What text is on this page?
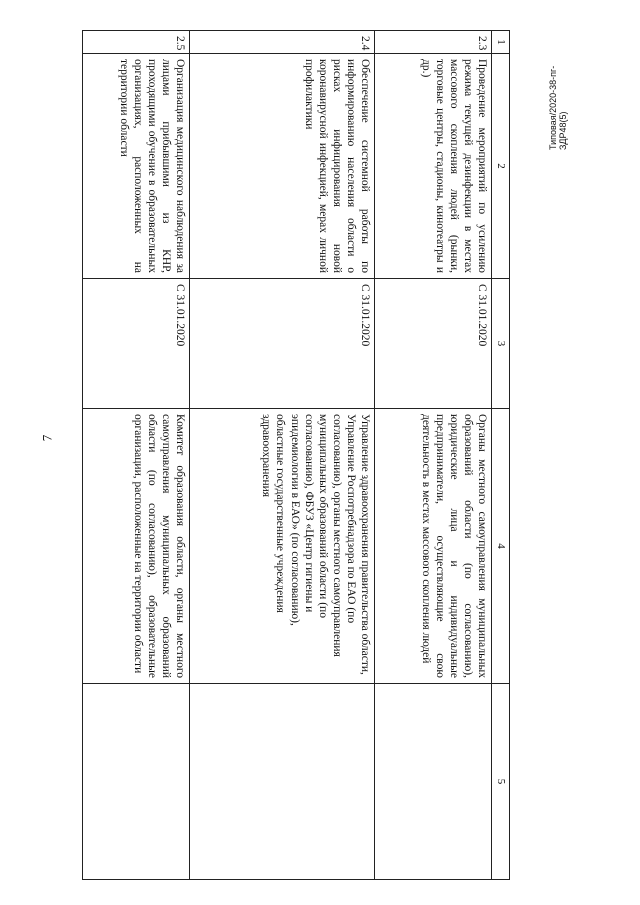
7
Типовая/2020-38-пг-ЗДР48(5)
1	2	3	4	5
2.3	Проведение мероприятий по усилению режима текущей дезинфекции в местах массового скопления людей (рынки, торговые центры, стадионы, кинотеатры и др.)	С 31.01.2020	Органы местного самоуправления муниципальных образований области (по согласованию), юридические лица и индивидуальные предприниматели, осуществляющие свою деятельность в местах массового скопления людей	
2.4	Обеспечение системной работы по информированию населения области о рисках инфицирования новой коронавирусной инфекцией, мерах личной профилактики	С 31.01.2020	Управление здравоохранения правительства области, Управление Роспотребнадзора по ЕАО (по согласованию), органы местного самоуправления муниципальных образований области (по согласованию), ФБУЗ «Центр гигиены и эпидемиологии в ЕАО» (по согласованию), областные государственные учреждения здравоохранения	
2.5	Организация медицинского наблюдения за лицами прибывшими из КНР, проходящими обучение в образовательных организациях, расположенных на территории области	С 31.01.2020	Комитет образования области, органы местного самоуправления муниципальных образований области (по согласованию), образовательные организации, расположенные на территории области	
